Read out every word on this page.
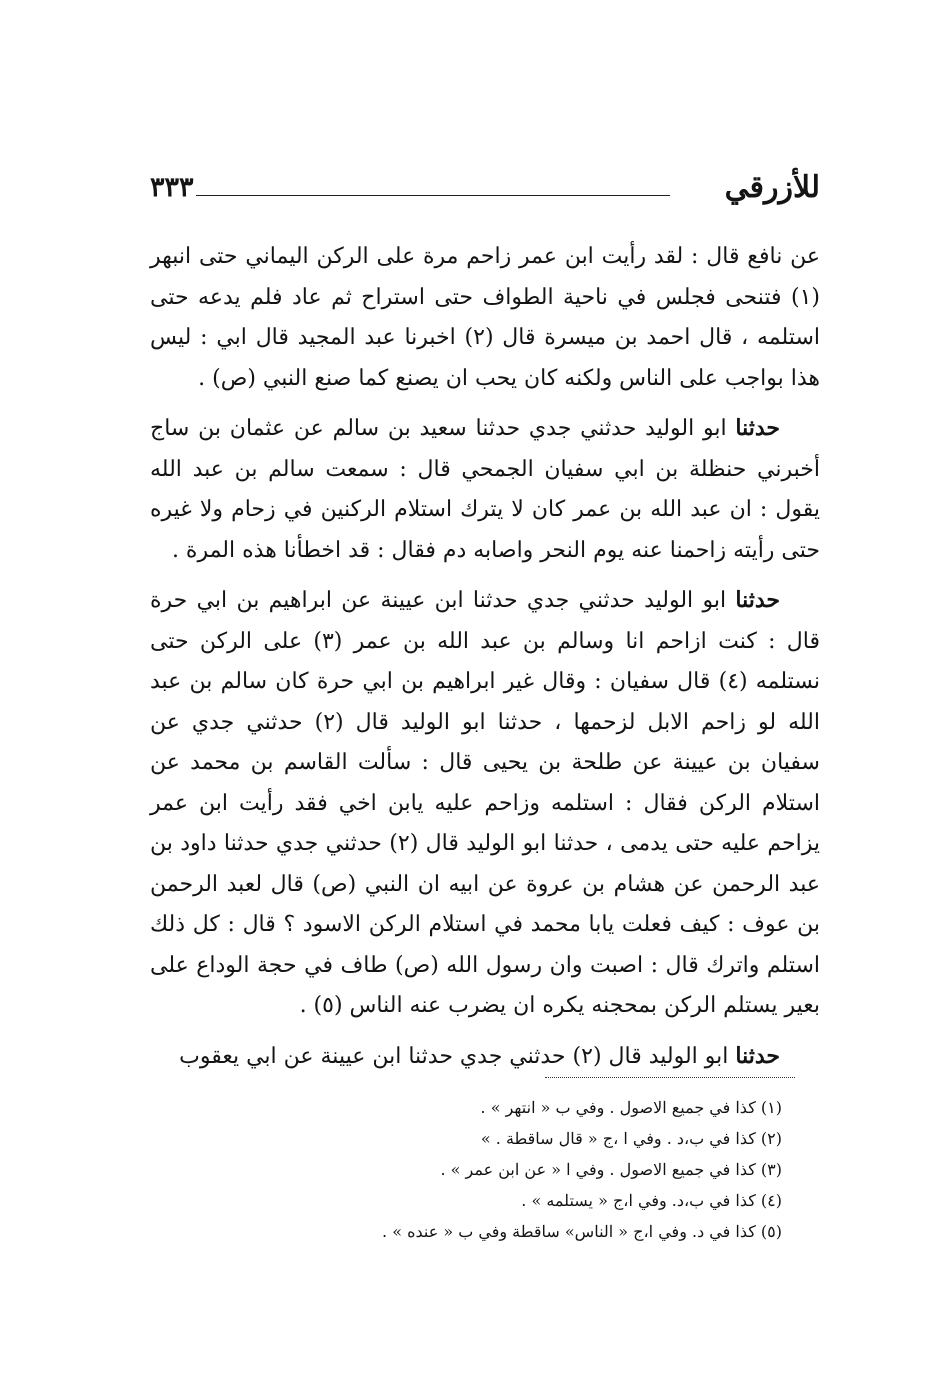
٣٣٣	للأزرقي

عن نافع قال : لقد رأيت ابن عمر زاحم مرة على الركن اليماني حتى انبهر (١) فتنحى فجلس في ناحية الطواف حتى استراح ثم عاد فلم يدعه حتى استلمه ، قال احمد بن ميسرة قال (٢) اخبرنا عبد المجيد قال ابي : ليس هذا بواجب على الناس ولكنه كان يحب ان يصنع كما صنع النبي (ص) .

حدثنا ابو الوليد حدثني جدي حدثنا سعيد بن سالم عن عثمان بن ساج أخبرني حنظلة بن ابي سفيان الجمحي قال : سمعت سالم بن عبد الله يقول : ان عبد الله بن عمر كان لا يترك استلام الركنين في زحام ولا غيره حتى رأيته زاحمنا عنه يوم النحر واصابه دم فقال : قد اخطأنا هذه المرة .

حدثنا ابو الوليد حدثني جدي حدثنا ابن عيينة عن ابراهيم بن ابي حرة قال : كنت ازاحم انا وسالم بن عبد الله بن عمر (٣) على الركن حتى نستلمه (٤) قال سفيان : وقال غير ابراهيم بن ابي حرة كان سالم بن عبد الله لو زاحم الابل لزحمها ، حدثنا ابو الوليد قال (٢) حدثني جدي عن سفيان بن عيينة عن طلحة بن يحيى قال : سألت القاسم بن محمد عن استلام الركن فقال : استلمه وزاحم عليه يابن اخي فقد رأيت ابن عمر يزاحم عليه حتى يدمى ، حدثنا ابو الوليد قال (٢) حدثني جدي حدثنا داود بن عبد الرحمن عن هشام بن عروة عن ابيه ان النبي (ص) قال لعبد الرحمن بن عوف : كيف فعلت يابا محمد في استلام الركن الاسود ؟ قال : كل ذلك استلم واترك قال : اصبت وان رسول الله (ص) طاف في حجة الوداع على بعير يستلم الركن بمحجنه يكره ان يضرب عنه الناس (٥) .

حدثنا ابو الوليد قال (٢) حدثني جدي حدثنا ابن عيينة عن ابي يعقوب

(١) كذا في جميع الاصول . وفي ب « انتهر » .
(٢) كذا في ب،د . وفي ا ،ج « قال ساقطة . »
(٣) كذا في جميع الاصول . وفي ا « عن ابن عمر » .
(٤) كذا في ب،د. وفي ا،ج « يستلمه » .
(٥) كذا في د. وفي ا،ج « الناس» ساقطة وفي ب « عنده » .
